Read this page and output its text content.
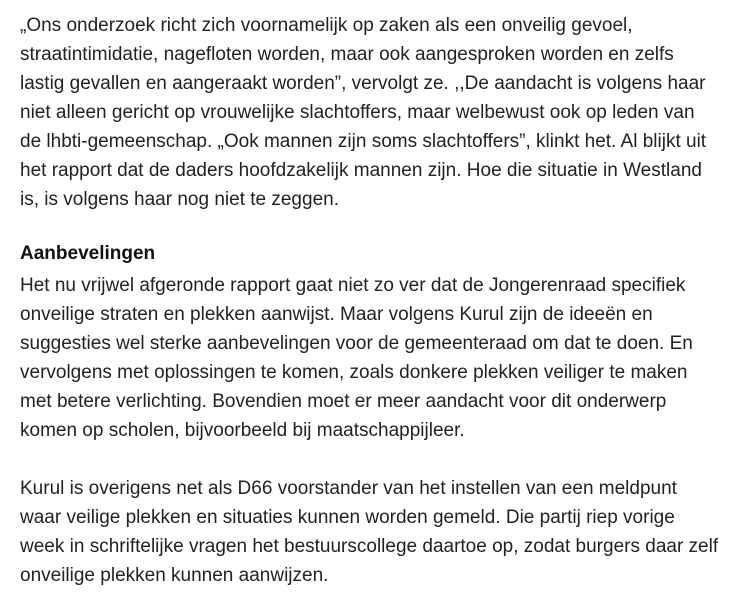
„Ons onderzoek richt zich voornamelijk op zaken als een onveilig gevoel, straatintimidatie, nagefloten worden, maar ook aangesproken worden en zelfs lastig gevallen en aangeraakt worden”, vervolgt ze. ,,De aandacht is volgens haar niet alleen gericht op vrouwelijke slachtoffers, maar welbewust ook op leden van de lhbti-gemeenschap. „Ook mannen zijn soms slachtoffers”, klinkt het. Al blijkt uit het rapport dat de daders hoofdzakelijk mannen zijn. Hoe die situatie in Westland is, is volgens haar nog niet te zeggen.

Aanbevelingen

Het nu vrijwel afgeronde rapport gaat niet zo ver dat de Jongerenraad specifiek onveilige straten en plekken aanwijst. Maar volgens Kurul zijn de ideeën en suggesties wel sterke aanbevelingen voor de gemeenteraad om dat te doen. En vervolgens met oplossingen te komen, zoals donkere plekken veiliger te maken met betere verlichting. Bovendien moet er meer aandacht voor dit onderwerp komen op scholen, bijvoorbeeld bij maatschappijleer.

Kurul is overigens net als D66 voorstander van het instellen van een meldpunt waar veilige plekken en situaties kunnen worden gemeld. Die partij riep vorige week in schriftelijke vragen het bestuurscollege daartoe op, zodat burgers daar zelf onveilige plekken kunnen aanwijzen.
